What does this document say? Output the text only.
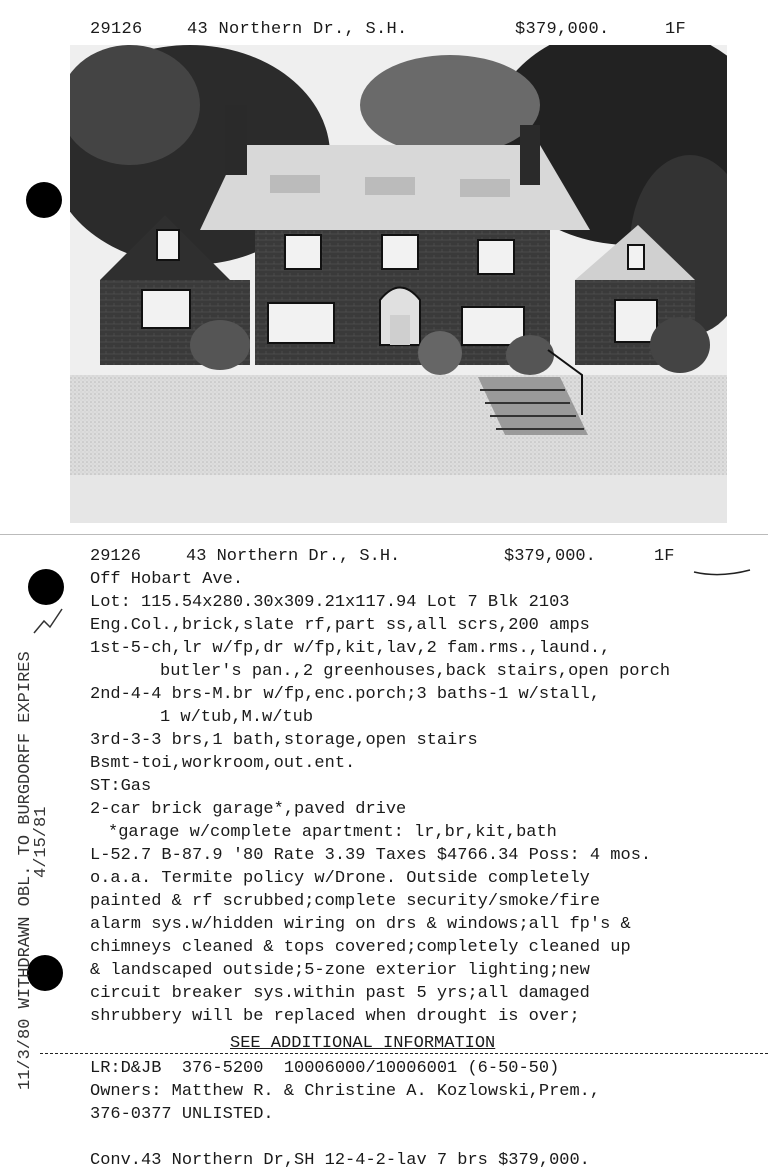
29126	43 Northern Dr., S.H.	$379,000.	1F
29126	43 Northern Dr., S.H.	$379,000.	1F
Off Hobart Ave.
Lot: 115.54x280.30x309.21x117.94 Lot 7 Blk 2103
Eng.Col.,brick,slate rf,part ss,all scrs,200 amps
1st-5-ch,lr w/fp,dr w/fp,kit,lav,2 fam.rms.,laund.,
butler's pan.,2 greenhouses,back stairs,open porch
2nd-4-4 brs-M.br w/fp,enc.porch;3 baths-1 w/stall,
1 w/tub,M.w/tub
3rd-3-3 brs,1 bath,storage,open stairs
Bsmt-toi,workroom,out.ent.
ST:Gas
2-car brick garage*,paved drive
*garage w/complete apartment: lr,br,kit,bath
L-52.7 B-87.9 '80 Rate 3.39 Taxes $4766.34 Poss: 4 mos.
o.a.a. Termite policy w/Drone. Outside completely
painted & rf scrubbed;complete security/smoke/fire
alarm sys.w/hidden wiring on drs & windows;all fp's &
chimneys cleaned & tops covered;completely cleaned up
& landscaped outside;5-zone exterior lighting;new
circuit breaker sys.within past 5 yrs;all damaged
shrubbery will be replaced when drought is over;
SEE ADDITIONAL INFORMATION
LR:D&JB  376-5200  10006000/10006001 (6-50-50)
Owners: Matthew R. & Christine A. Kozlowski,Prem.,
376-0377 UNLISTED.
Conv.43 Northern Dr,SH 12-4-2-lav 7 brs $379,000.
11/3/80 WITHDRAWN OBL. TO BURGDORFF EXPIRES
4/15/81
